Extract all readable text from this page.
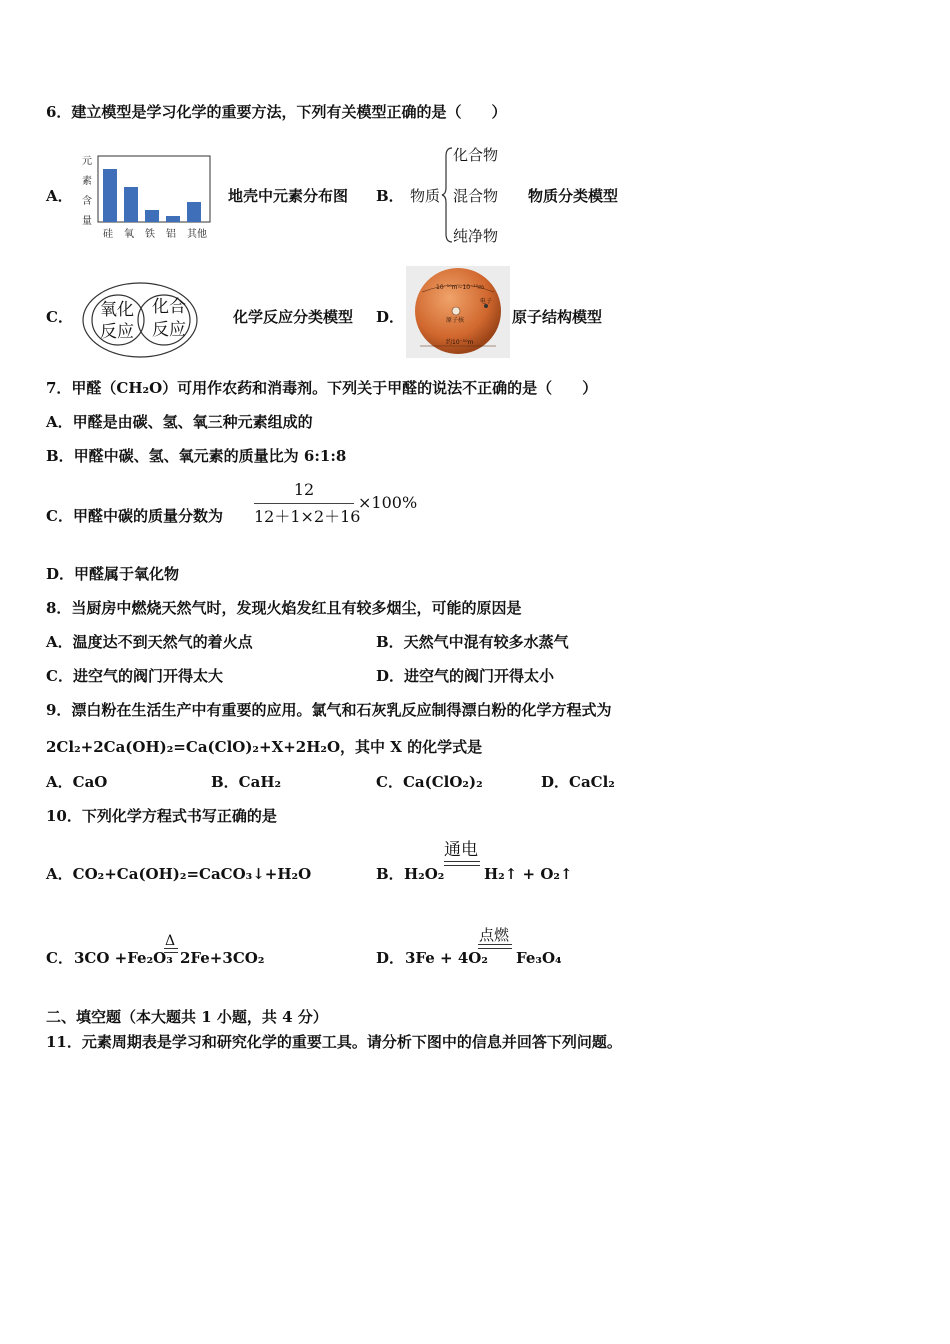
6．建立模型是学习化学的重要方法，下列有关模型正确的是（　　）
A．
元
素
含
量
硅 氧 铁 铝 其他
地壳中元素分布图 B． 物质
化合物
混合物
纯净物
物质分类模型
C． 氧化
反应
化合
反应
化学反应分类模型 D．
10⁻¹⁰m~10⁻¹⁰m
电子
原子核
约10⁻¹⁰m
原子结构模型
7．甲醛（CH₂O）可用作农药和消毒剂。下列关于甲醛的说法不正确的是（　　）
A．甲醛是由碳、氢、氧三种元素组成的
B．甲醛中碳、氢、氧元素的质量比为 6:1:8
C．甲醛中碳的质量分数为
12
12＋1×2＋16
×100%
D．甲醛属于氧化物
8．当厨房中燃烧天然气时，发现火焰发红且有较多烟尘，可能的原因是
A．温度达不到天然气的着火点	B．天然气中混有较多水蒸气
C．进空气的阀门开得太大	D．进空气的阀门开得太小
9．漂白粉在生活生产中有重要的应用。氯气和石灰乳反应制得漂白粉的化学方程式为
2Cl₂+2Ca(OH)₂=Ca(ClO)₂+X+2H₂O，其中 X 的化学式是
A．CaO	B．CaH₂	C．Ca(ClO₂)₂	D．CaCl₂
10．下列化学方程式书写正确的是
A．CO₂+Ca(OH)₂=CaCO₃↓+H₂O	B． H₂O₂
通电
H₂↑ + O₂↑
C． 3CO +Fe₂O₃
Δ
2Fe+3CO₂	D． 3Fe + 4O₂
点燃
Fe₃O₄
二、填空题（本大题共 1 小题，共 4 分）
11．元素周期表是学习和研究化学的重要工具。请分析下图中的信息并回答下列问题。
